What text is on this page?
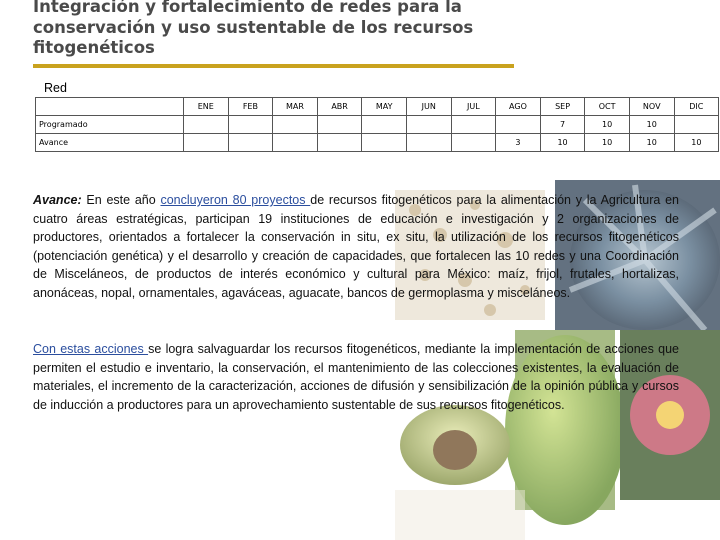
Integración y fortalecimiento de redes para la conservación y uso sustentable de los recursos fitogenéticos
Red
	ENE	FEB	MAR	ABR	MAY	JUN	JUL	AGO	SEP	OCT	NOV	DIC
Programado									7	10	10	
Avance								3	10	10	10	10

Avance: En este año concluyeron 80 proyectos de recursos fitogenéticos para la alimentación y la Agricultura en cuatro áreas estratégicas, participan 19 instituciones de educación e investigación y 2 organizaciones de productores, orientados a fortalecer la conservación in situ, ex situ, la utilización de los recursos fitogenéticos (potenciación genética) y el desarrollo y creación de capacidades, que fortalecen las 10 redes y una Coordinación de Misceláneos, de productos de interés económico y cultural para México: maíz, frijol, frutales, hortalizas, anonáceas, nopal, ornamentales, agaváceas, aguacate, bancos de germoplasma y misceláneos.

Con estas acciones se logra salvaguardar los recursos fitogenéticos, mediante la implementación de acciones que permiten el estudio e inventario, la conservación, el mantenimiento de las colecciones existentes, la evaluación de materiales, el incremento de la caracterización, acciones de difusión y sensibilización de la opinión pública y cursos de inducción a productores para un aprovechamiento sustentable de sus recursos fitogenéticos.
